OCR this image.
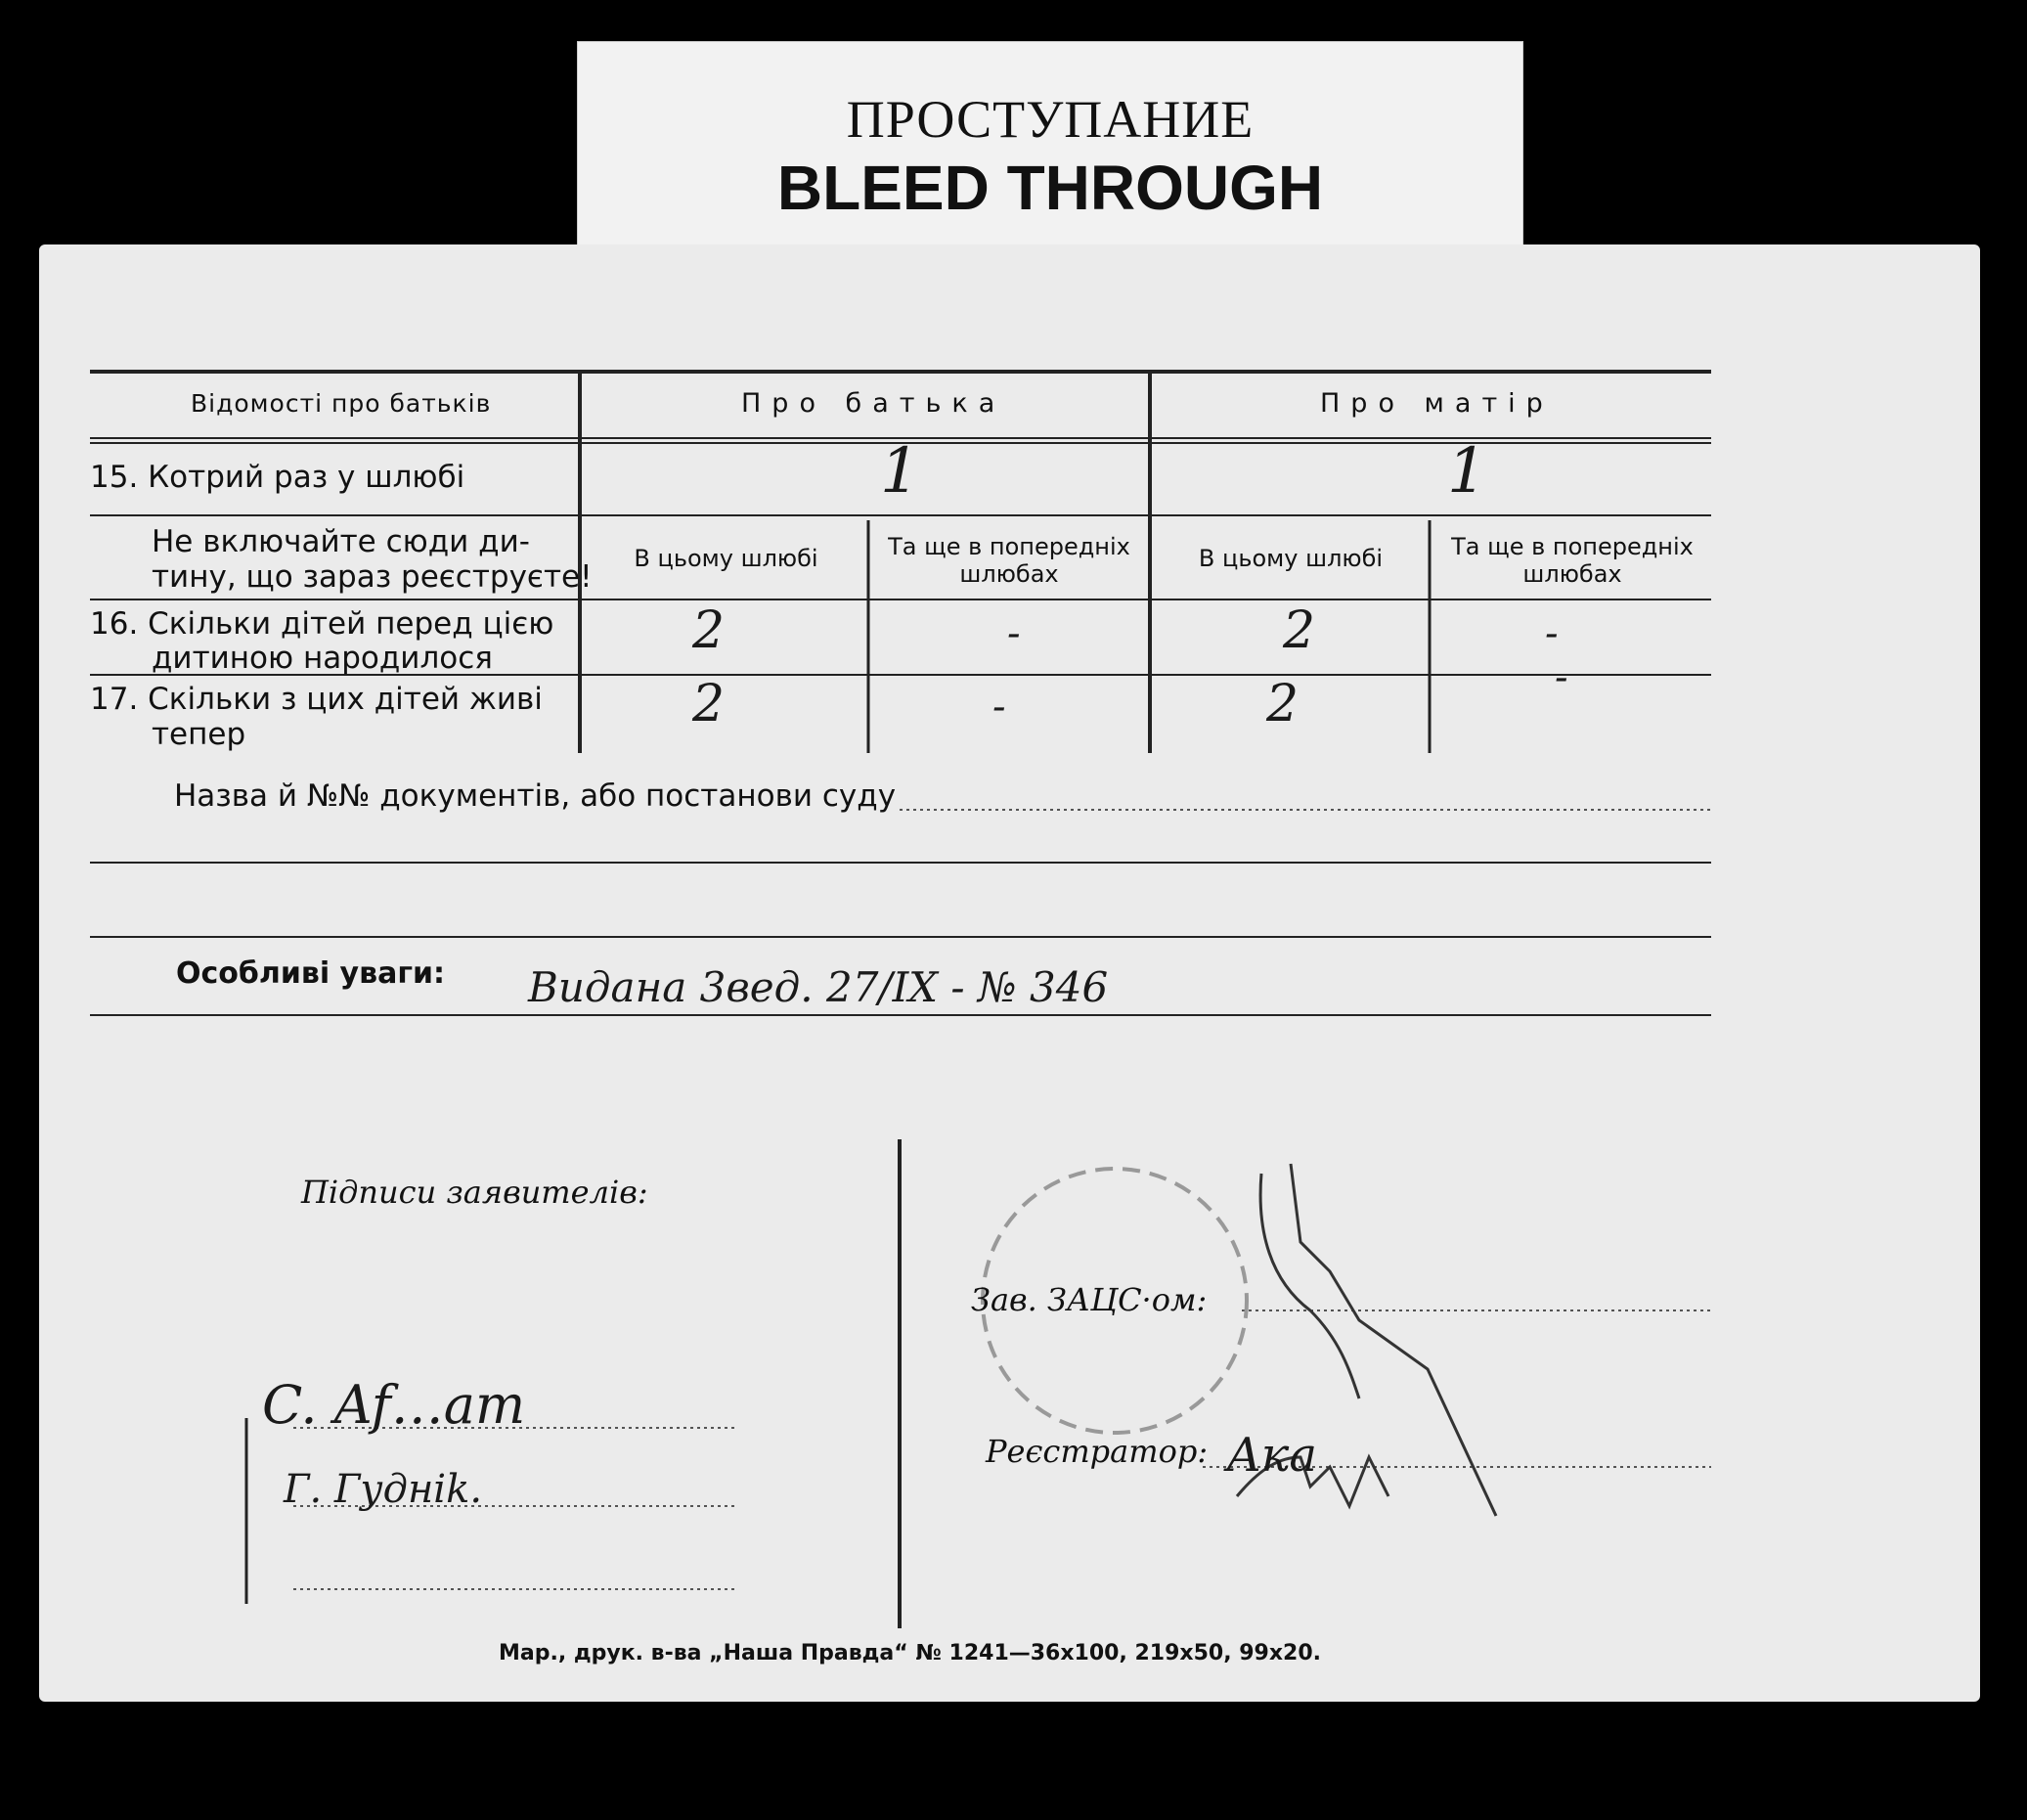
ПРОСТУПАНИЕ
BLEED THROUGH
Відомості про батьків	Про батька	Про матір
15. Котрий раз у шлюбі	1	1
Не включайте сюди ди-
тину, що зараз реєструєте!
В цьому шлюбі	Та ще в попередніх
шлюбах
В цьому шлюбі	Та ще в попередніх
шлюбах
16. Скільки дітей перед цією
дитиною народилося	2	-	2	-
17. Скільки з цих дітей живі
тепер
2	-	2	-
Назва й №№ документів, або постанови суду
Особливі уваги: Видана 3вед. 27/IX - № 346
Підписи заявителів:
C. Af…am
Г. Гудніk.
Зав. ЗАЦС·ом:
Реєстратор: Aкa
Мар., друк. в-ва „Наша Правда“ № 1241—36х100, 219х50, 99х20.
